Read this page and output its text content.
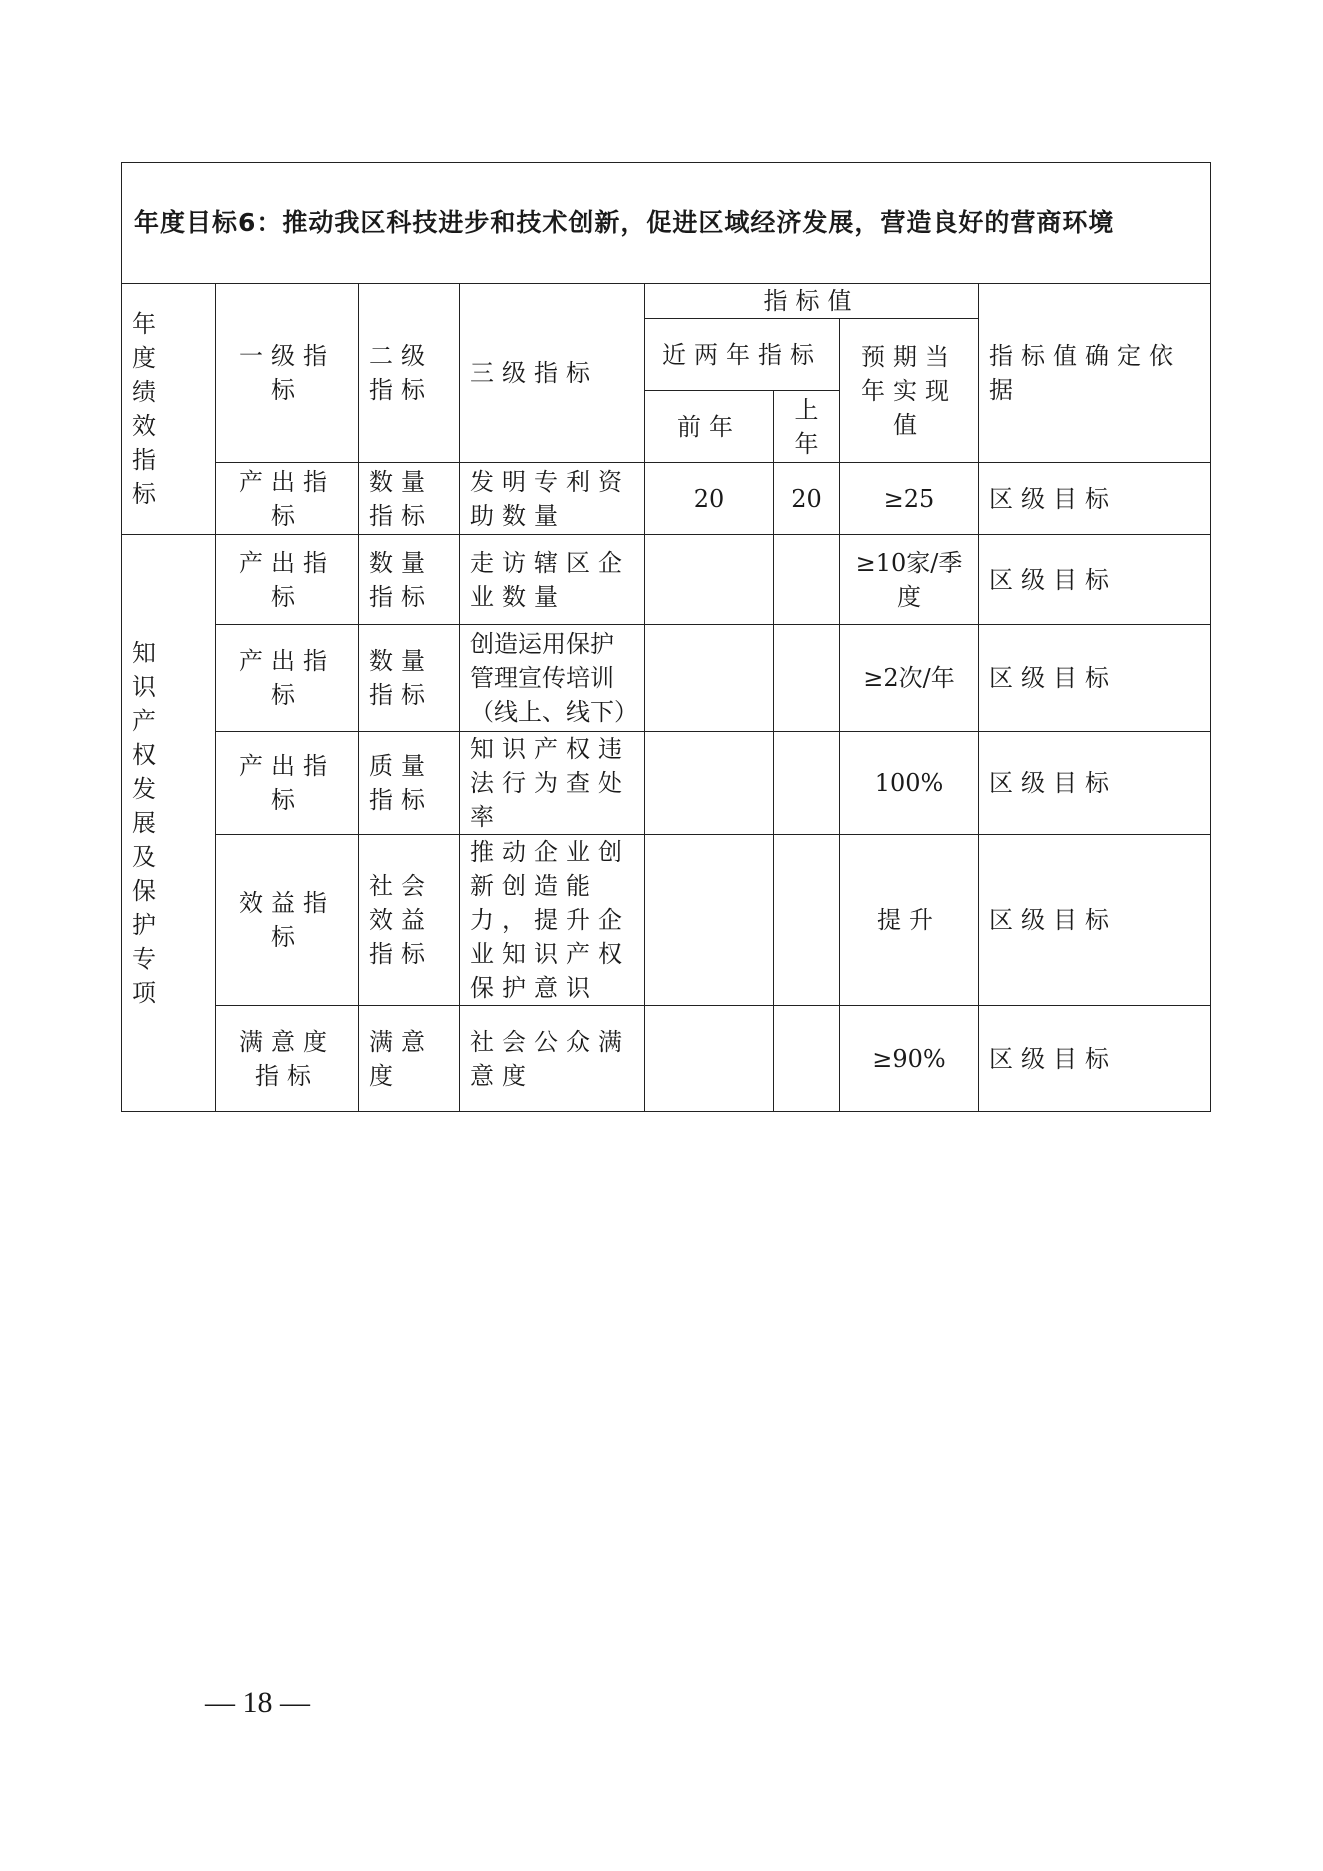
年度目标6：推动我区科技进步和技术创新，促进区域经济发展，营造良好的营商环境							
年度绩效指标	一级指标	二级指标	三级指标	指标值			指标值确定依据
				近两年指标		预期当年实现值	
				前年	上年		
	产出指标	数量指标	发明专利资助数量	20	20	≥25	区级目标
知识产权发展及保护专项	产出指标	数量指标	走访辖区企业数量			≥10家/季度	区级目标
	产出指标	数量指标	创造运用保护管理宣传培训（线上、线下）			≥2次/年	区级目标
	产出指标	质量指标	知识产权违法行为查处率			100%	区级目标
	效益指标	社会效益指标	推动企业创新创造能力，提升企业知识产权保护意识			提升	区级目标
	满意度指标	满意度	社会公众满意度			≥90%	区级目标
— 18 —
